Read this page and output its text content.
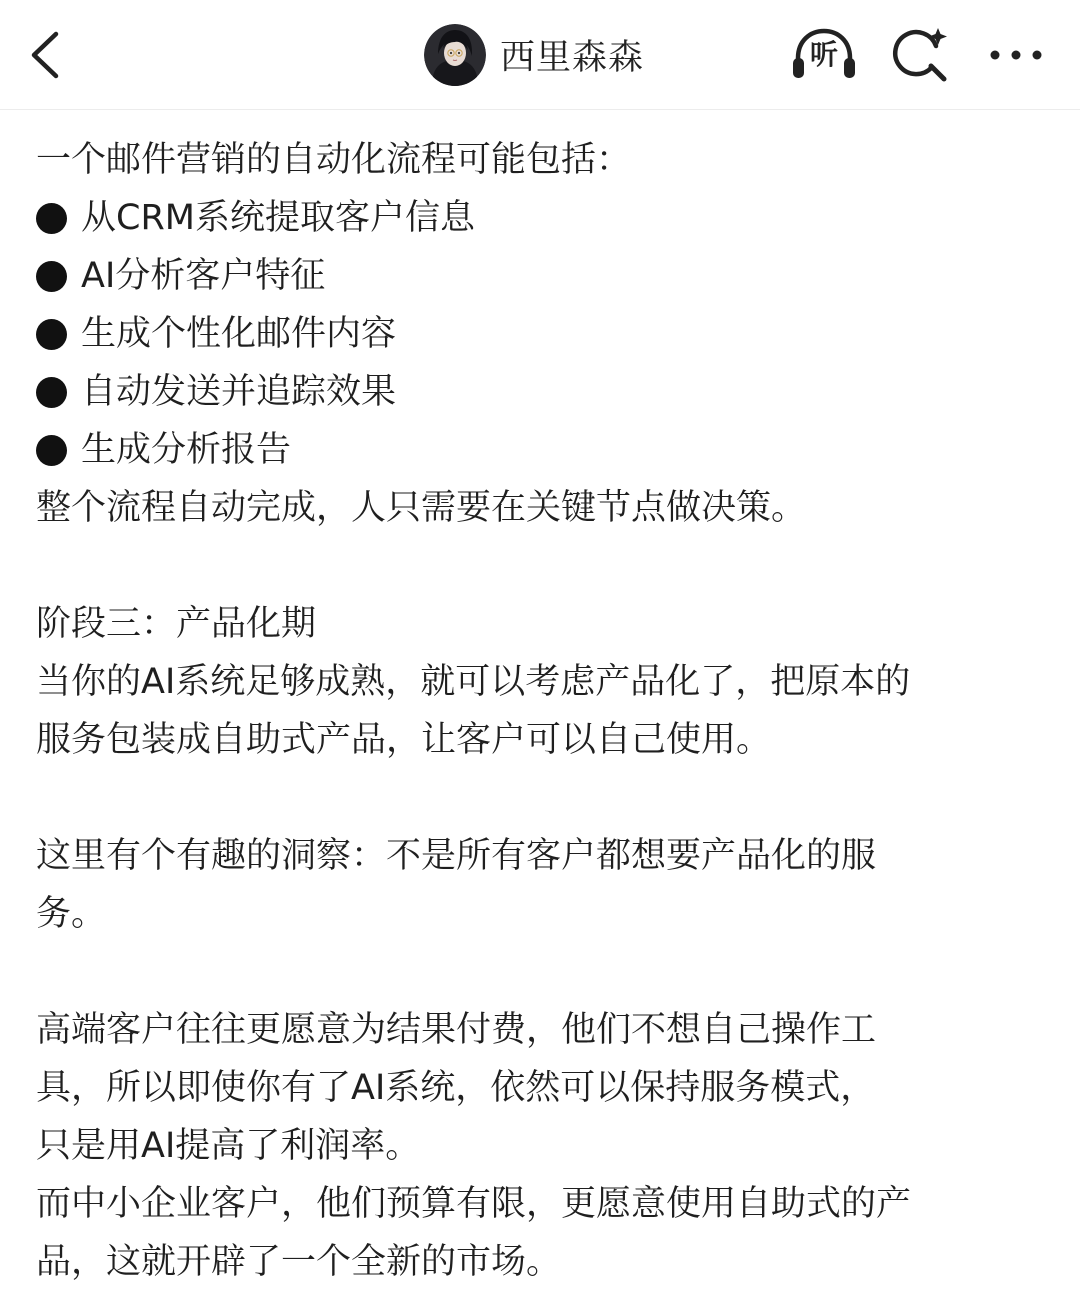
西里森森	听
一个邮件营销的自动化流程可能包括：
从CRM系统提取客户信息
AI分析客户特征
生成个性化邮件内容
自动发送并追踪效果
生成分析报告
整个流程自动完成，人只需要在关键节点做决策。
阶段三：产品化期
当你的AI系统足够成熟，就可以考虑产品化了，把原本的
服务包装成自助式产品，让客户可以自己使用。
这里有个有趣的洞察：不是所有客户都想要产品化的服
务。
高端客户往往更愿意为结果付费，他们不想自己操作工
具，所以即使你有了AI系统，依然可以保持服务模式，
只是用AI提高了利润率。
而中小企业客户，他们预算有限，更愿意使用自助式的产
品，这就开辟了一个全新的市场。
